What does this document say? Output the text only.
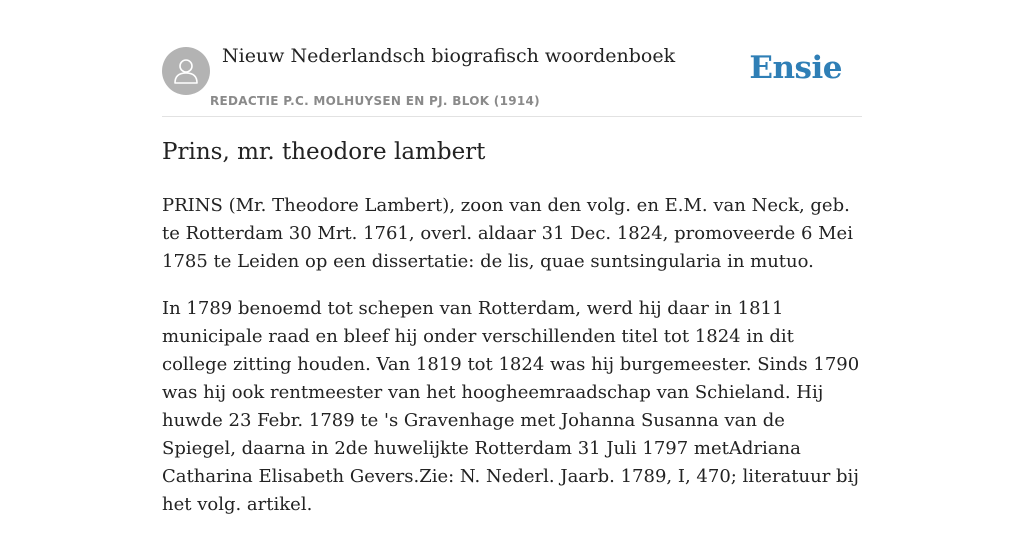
Nieuw Nederlandsch biografisch woordenboek
REDACTIE P.C. MOLHUYSEN EN PJ. BLOK (1914)
Ensie
Prins, mr. theodore lambert

PRINS (Mr. Theodore Lambert), zoon van den volg. en E.M. van Neck, geb. te Rotterdam 30 Mrt. 1761, overl. aldaar 31 Dec. 1824, promoveerde 6 Mei 1785 te Leiden op een dissertatie: de lis, quae suntsingularia in mutuo.

In 1789 benoemd tot schepen van Rotterdam, werd hij daar in 1811 municipale raad en bleef hij onder verschillenden titel tot 1824 in dit college zitting houden. Van 1819 tot 1824 was hij burgemeester. Sinds 1790 was hij ook rentmeester van het hoogheemraadschap van Schieland. Hij huwde 23 Febr. 1789 te 's Gravenhage met Johanna Susanna van de Spiegel, daarna in 2de huwelijkte Rotterdam 31 Juli 1797 metAdriana Catharina Elisabeth Gevers.Zie: N. Nederl. Jaarb. 1789, I, 470; literatuur bij het volg. artikel.
